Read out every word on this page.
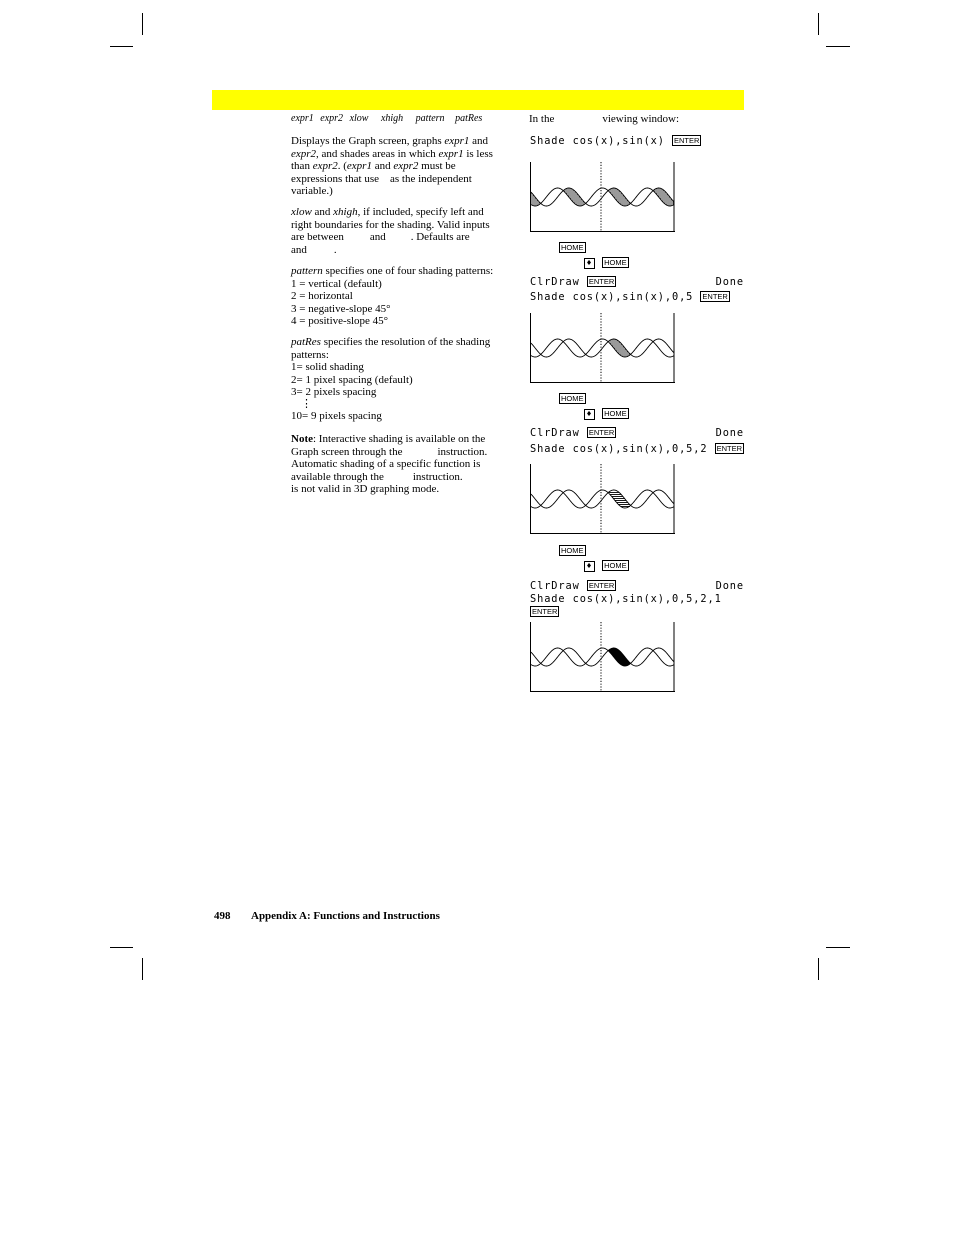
expr1 expr2 xlow xhigh pattern patRes
Displays the Graph screen, graphs expr1 and
expr2, and shades areas in which expr1 is less
than expr2. (expr1 and expr2 must be
expressions that use as the independent
variable.)
xlow and xhigh, if included, specify left and
right boundaries for the shading. Valid inputs
are between and . Defaults are
and .
pattern specifies one of four shading patterns:
1 = vertical (default)
2 = horizontal
3 = negative-slope 45°
4 = positive-slope 45°
patRes specifies the resolution of the shading
patterns:
1= solid shading
2= 1 pixel spacing (default)
3= 2 pixels spacing
⋮
10= 9 pixels spacing
Note: Interactive shading is available on the
Graph screen through the	instruction.
Automatic shading of a specific function is
available through the	instruction.
is not valid in 3D graphing mode.
In the	viewing window:
Shade cos(x),sin(x) ENTER
HOME
♦ HOME
ClrDraw ENTER	Done
Shade cos(x),sin(x),0,5 ENTER
HOME
♦ HOME
ClrDraw ENTER	Done
Shade cos(x),sin(x),0,5,2 ENTER
HOME
♦ HOME
ClrDraw ENTER	Done
Shade cos(x),sin(x),0,5,2,1
ENTER
498 Appendix A: Functions and Instructions
